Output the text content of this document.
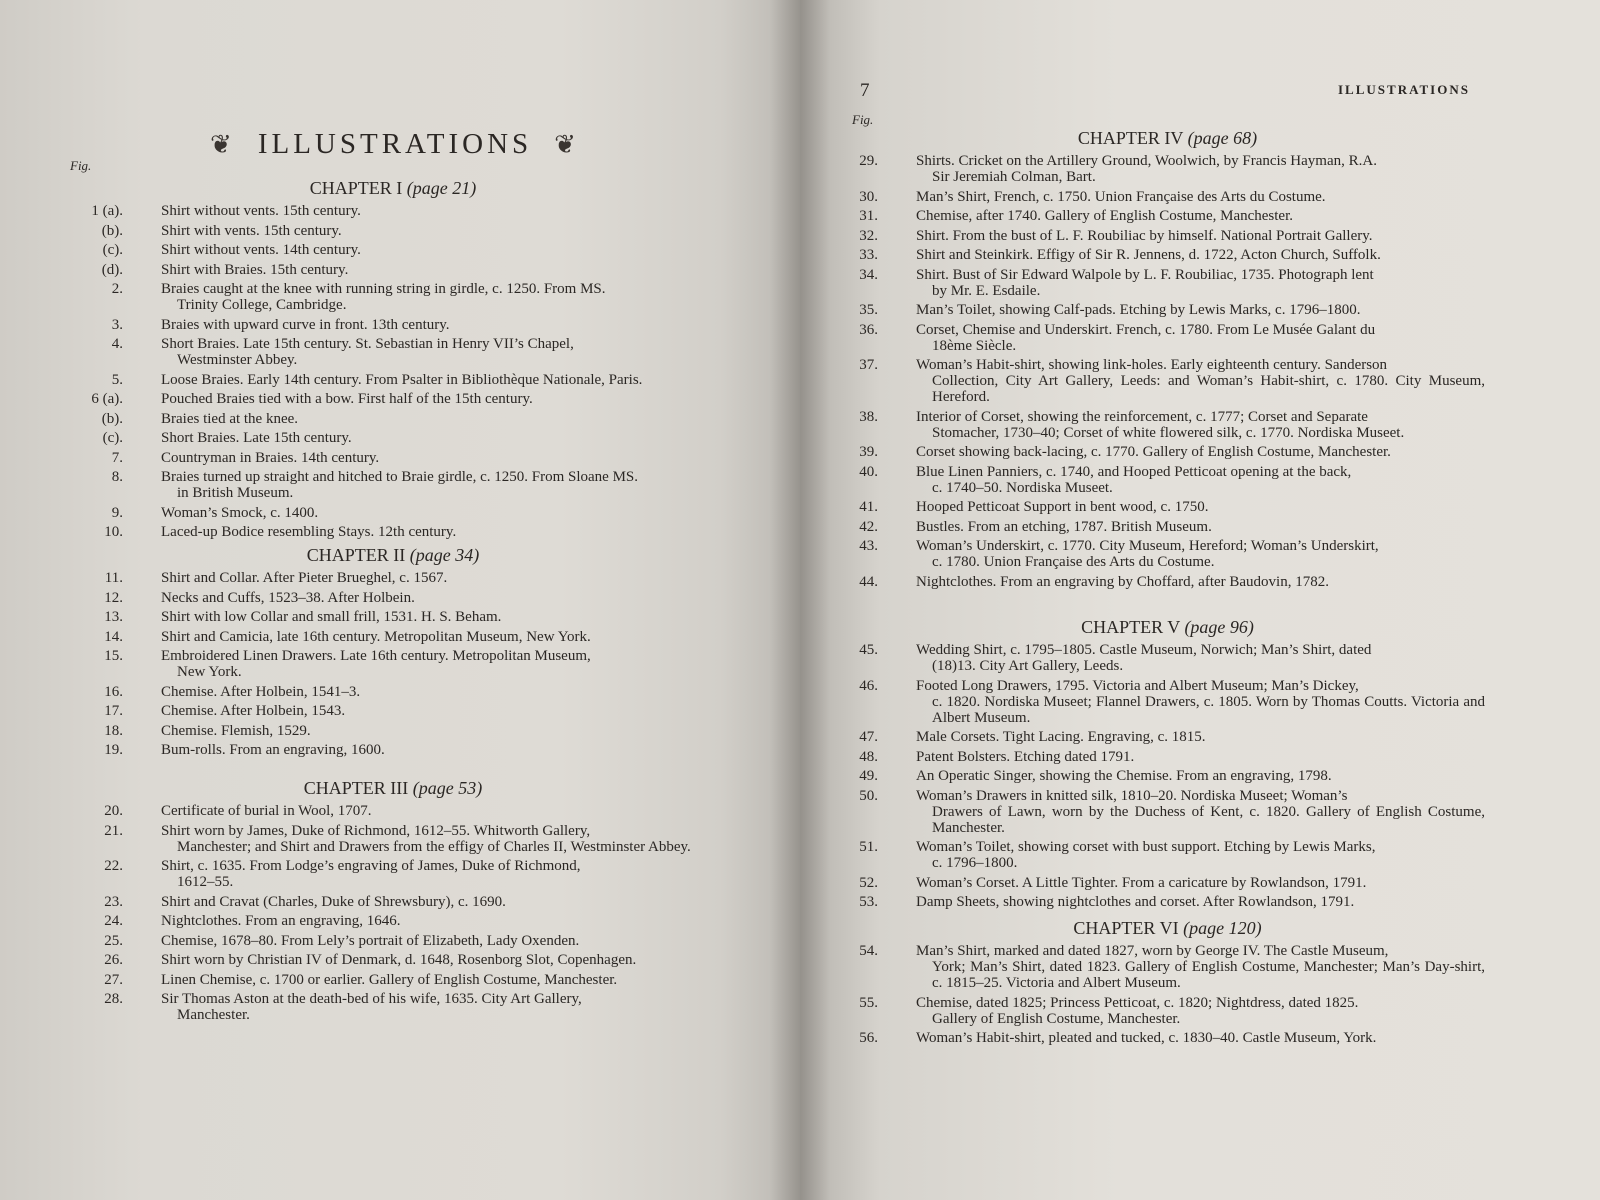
❦ ILLUSTRATIONS ❦
Fig.
CHAPTER I (page 21)
1 (a).	Shirt without vents. 15th century.
(b).	Shirt with vents. 15th century.
(c).	Shirt without vents. 14th century.
(d).	Shirt with Braies. 15th century.
2.	Braies caught at the knee with running string in girdle, c. 1250. From MS.
Trinity College, Cambridge.
3.	Braies with upward curve in front. 13th century.
4.	Short Braies. Late 15th century. St. Sebastian in Henry VII’s Chapel,
Westminster Abbey.
5.	Loose Braies. Early 14th century. From Psalter in Bibliothèque Nationale, Paris.
6 (a).	Pouched Braies tied with a bow. First half of the 15th century.
(b).	Braies tied at the knee.
(c).	Short Braies. Late 15th century.
7.	Countryman in Braies. 14th century.
8.	Braies turned up straight and hitched to Braie girdle, c. 1250. From Sloane MS.
in British Museum.
9.	Woman’s Smock, c. 1400.
10.	Laced-up Bodice resembling Stays. 12th century.
CHAPTER II (page 34)
11.	Shirt and Collar. After Pieter Brueghel, c. 1567.
12.	Necks and Cuffs, 1523–38. After Holbein.
13.	Shirt with low Collar and small frill, 1531. H. S. Beham.
14.	Shirt and Camicia, late 16th century. Metropolitan Museum, New York.
15.	Embroidered Linen Drawers. Late 16th century. Metropolitan Museum,
New York.
16.	Chemise. After Holbein, 1541–3.
17.	Chemise. After Holbein, 1543.
18.	Chemise. Flemish, 1529.
19.	Bum-rolls. From an engraving, 1600.
CHAPTER III (page 53)
20.	Certificate of burial in Wool, 1707.
21.	Shirt worn by James, Duke of Richmond, 1612–55. Whitworth Gallery,
Manchester; and Shirt and Drawers from the effigy of Charles II, Westminster Abbey.
22.	Shirt, c. 1635. From Lodge’s engraving of James, Duke of Richmond,
1612–55.
23.	Shirt and Cravat (Charles, Duke of Shrewsbury), c. 1690.
24.	Nightclothes. From an engraving, 1646.
25.	Chemise, 1678–80. From Lely’s portrait of Elizabeth, Lady Oxenden.
26.	Shirt worn by Christian IV of Denmark, d. 1648, Rosenborg Slot, Copenhagen.
27.	Linen Chemise, c. 1700 or earlier. Gallery of English Costume, Manchester.
28.	Sir Thomas Aston at the death-bed of his wife, 1635. City Art Gallery,
Manchester.
7	ILLUSTRATIONS
Fig.
CHAPTER IV (page 68)
29.	Shirts. Cricket on the Artillery Ground, Woolwich, by Francis Hayman, R.A.
Sir Jeremiah Colman, Bart.
30.	Man’s Shirt, French, c. 1750. Union Française des Arts du Costume.
31.	Chemise, after 1740. Gallery of English Costume, Manchester.
32.	Shirt. From the bust of L. F. Roubiliac by himself. National Portrait Gallery.
33.	Shirt and Steinkirk. Effigy of Sir R. Jennens, d. 1722, Acton Church, Suffolk.
34.	Shirt. Bust of Sir Edward Walpole by L. F. Roubiliac, 1735. Photograph lent
by Mr. E. Esdaile.
35.	Man’s Toilet, showing Calf-pads. Etching by Lewis Marks, c. 1796–1800.
36.	Corset, Chemise and Underskirt. French, c. 1780. From Le Musée Galant du
18ème Siècle.
37.	Woman’s Habit-shirt, showing link-holes. Early eighteenth century. Sanderson
Collection, City Art Gallery, Leeds: and Woman’s Habit-shirt, c. 1780. City Museum, Hereford.
38.	Interior of Corset, showing the reinforcement, c. 1777; Corset and Separate
Stomacher, 1730–40; Corset of white flowered silk, c. 1770. Nordiska Museet.
39.	Corset showing back-lacing, c. 1770. Gallery of English Costume, Manchester.
40.	Blue Linen Panniers, c. 1740, and Hooped Petticoat opening at the back,
c. 1740–50. Nordiska Museet.
41.	Hooped Petticoat Support in bent wood, c. 1750.
42.	Bustles. From an etching, 1787. British Museum.
43.	Woman’s Underskirt, c. 1770. City Museum, Hereford; Woman’s Underskirt,
c. 1780. Union Française des Arts du Costume.
44.	Nightclothes. From an engraving by Choffard, after Baudovin, 1782.
CHAPTER V (page 96)
45.	Wedding Shirt, c. 1795–1805. Castle Museum, Norwich; Man’s Shirt, dated
(18)13. City Art Gallery, Leeds.
46.	Footed Long Drawers, 1795. Victoria and Albert Museum; Man’s Dickey,
c. 1820. Nordiska Museet; Flannel Drawers, c. 1805. Worn by Thomas Coutts. Victoria and Albert Museum.
47.	Male Corsets. Tight Lacing. Engraving, c. 1815.
48.	Patent Bolsters. Etching dated 1791.
49.	An Operatic Singer, showing the Chemise. From an engraving, 1798.
50.	Woman’s Drawers in knitted silk, 1810–20. Nordiska Museet; Woman’s
Drawers of Lawn, worn by the Duchess of Kent, c. 1820. Gallery of English Costume, Manchester.
51.	Woman’s Toilet, showing corset with bust support. Etching by Lewis Marks,
c. 1796–1800.
52.	Woman’s Corset. A Little Tighter. From a caricature by Rowlandson, 1791.
53.	Damp Sheets, showing nightclothes and corset. After Rowlandson, 1791.
CHAPTER VI (page 120)
54.	Man’s Shirt, marked and dated 1827, worn by George IV. The Castle Museum,
York; Man’s Shirt, dated 1823. Gallery of English Costume, Manchester; Man’s Day-shirt, c. 1815–25. Victoria and Albert Museum.
55.	Chemise, dated 1825; Princess Petticoat, c. 1820; Nightdress, dated 1825.
Gallery of English Costume, Manchester.
56.	Woman’s Habit-shirt, pleated and tucked, c. 1830–40. Castle Museum, York.
